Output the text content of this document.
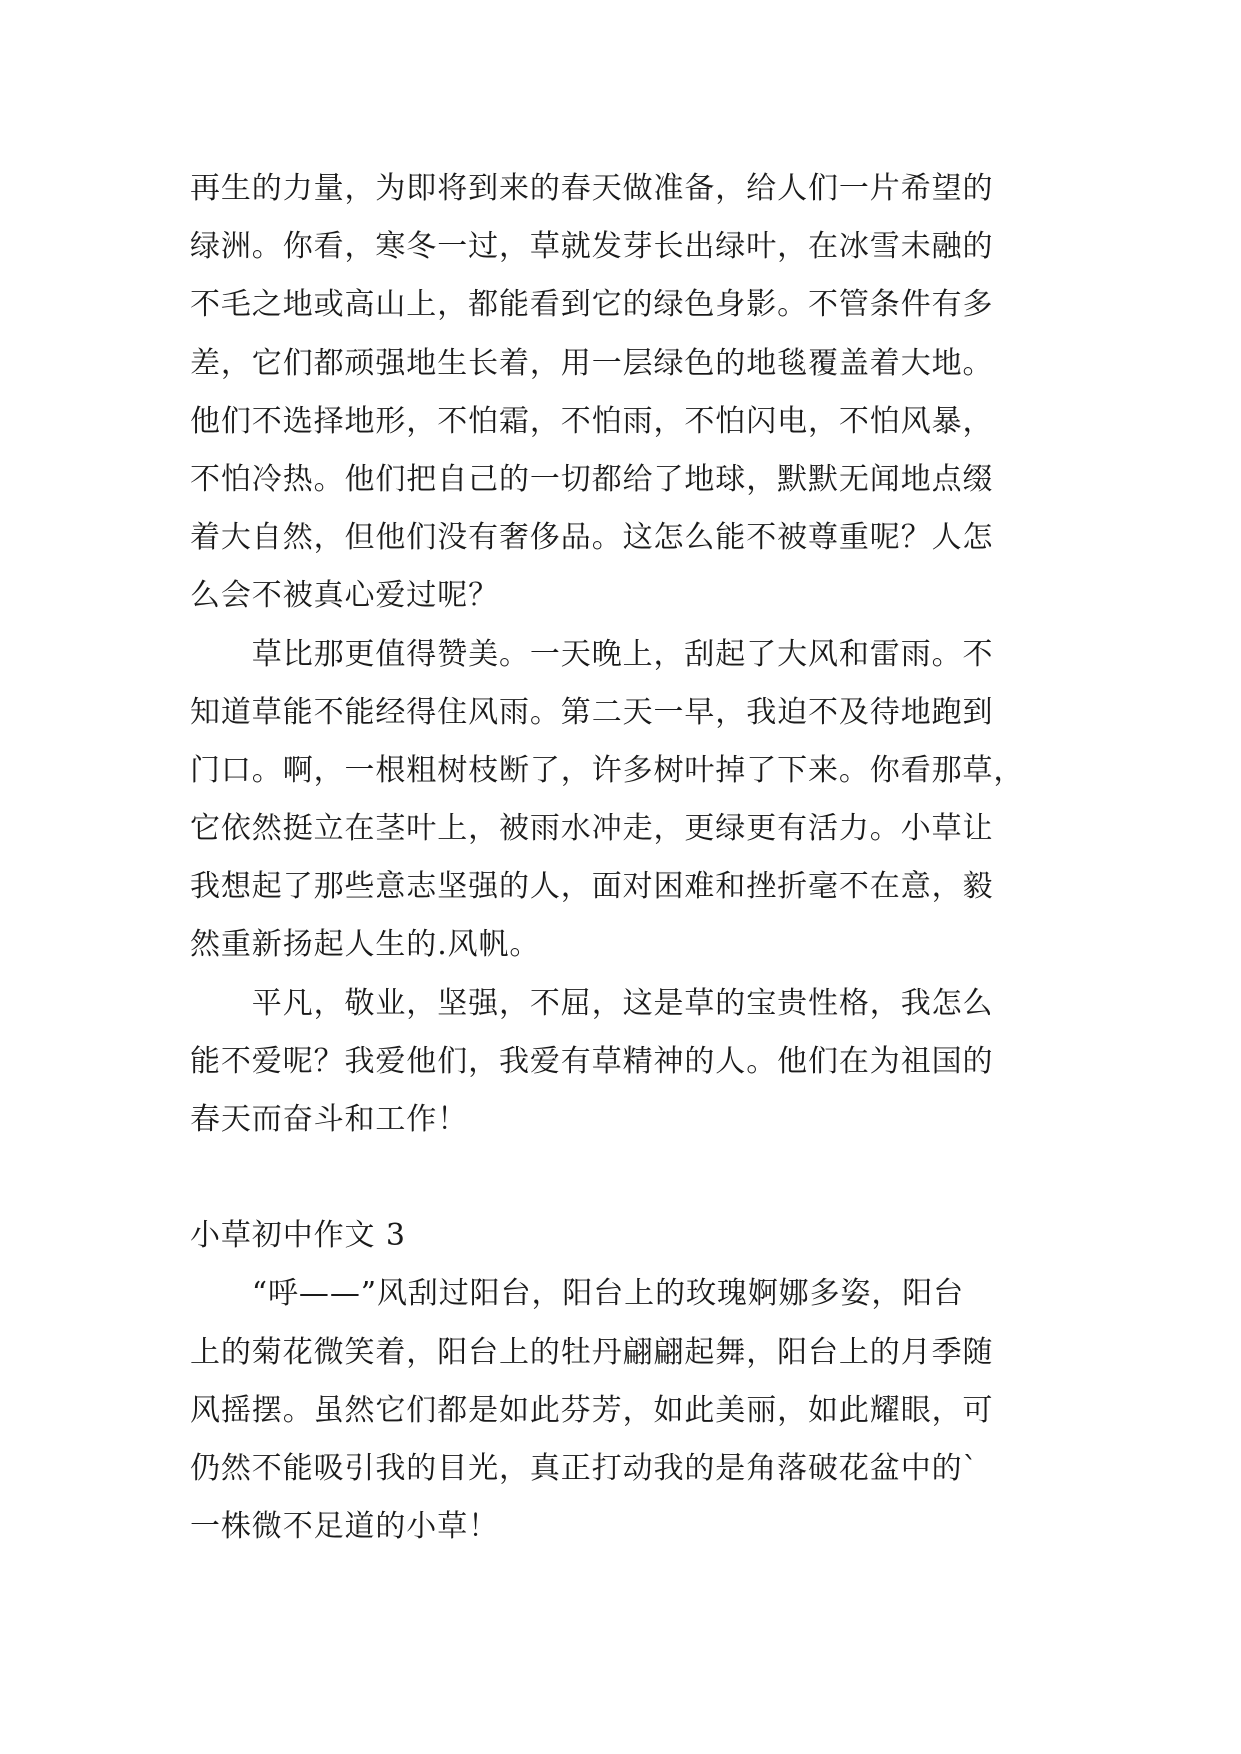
再生的力量，为即将到来的春天做准备，给人们一片希望的
绿洲。你看，寒冬一过，草就发芽长出绿叶，在冰雪未融的
不毛之地或高山上，都能看到它的绿色身影。不管条件有多
差，它们都顽强地生长着，用一层绿色的地毯覆盖着大地。
他们不选择地形，不怕霜，不怕雨，不怕闪电，不怕风暴，
不怕冷热。他们把自己的一切都给了地球，默默无闻地点缀
着大自然，但他们没有奢侈品。这怎么能不被尊重呢？人怎
么会不被真心爱过呢？
　　草比那更值得赞美。一天晚上，刮起了大风和雷雨。不
知道草能不能经得住风雨。第二天一早，我迫不及待地跑到
门口。啊，一根粗树枝断了，许多树叶掉了下来。你看那草，
它依然挺立在茎叶上，被雨水冲走，更绿更有活力。小草让
我想起了那些意志坚强的人，面对困难和挫折毫不在意，毅
然重新扬起人生的.风帆。
　　平凡，敬业，坚强，不屈，这是草的宝贵性格，我怎么
能不爱呢？我爱他们，我爱有草精神的人。他们在为祖国的
春天而奋斗和工作！
小草初中作文 3
　　“呼——”风刮过阳台，阳台上的玫瑰婀娜多姿，阳台
上的菊花微笑着，阳台上的牡丹翩翩起舞，阳台上的月季随
风摇摆。虽然它们都是如此芬芳，如此美丽，如此耀眼，可
仍然不能吸引我的目光，真正打动我的是角落破花盆中的`
一株微不足道的小草！
